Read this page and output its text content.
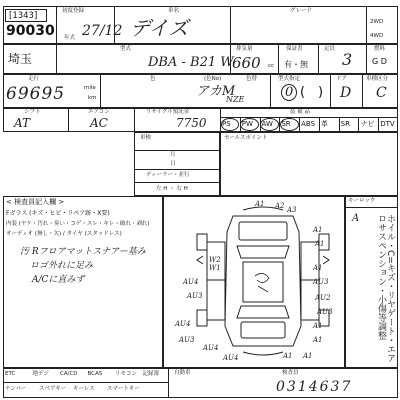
[1343]
90030
初度登録
年式 27/12
車名
デイズ
グレード
2WD
4WD
埼玉
型式
DBA - B21 W
排気量
660 cc
保証書
有・無
定員
3
燃料
G D
走行
69695	mile
km
色	(色No)
アカM
NZE
色替	型式指定
0 ( )
ドア
D
車種区分
C
シフト
AT
エアコン
AC
リサイクル預託金
7750
装 備 品
PS PW AW SR ABS 革 SR ナビ DTV
車検
月
日
ディーラー・並行
左 H ・ 右 H
セールスポイント
< 検査員記入欄 >
Fガラス (キズ・ヒビ・リペア跡・X要)
内装 (ヤケ・汚れ・臭い・コゲ・スレ・キレ・破れ・剥れ)
オーディオ (無し・欠) / タイヤ (スタッドレス)
汚 Rフロアマットスナアー基み
ロゴ外れに足み
A/Cに直みず
A1 A2 A3
W2
A1
A1
AU4
AU3
A1
AU3
AU2
AU3
AU4
AU3
A1
A1
AU4
AU4
W1
A1 A1
キーロック
ホイル・C=キズ・リヤゲート・エアロサスペンション・小傷等調整
A
ETC	地デジ CA/CD BCAS リモコン 記録簿
ナンバー スペアキー キーレス スマートキー
検査員
自動車
0314637
